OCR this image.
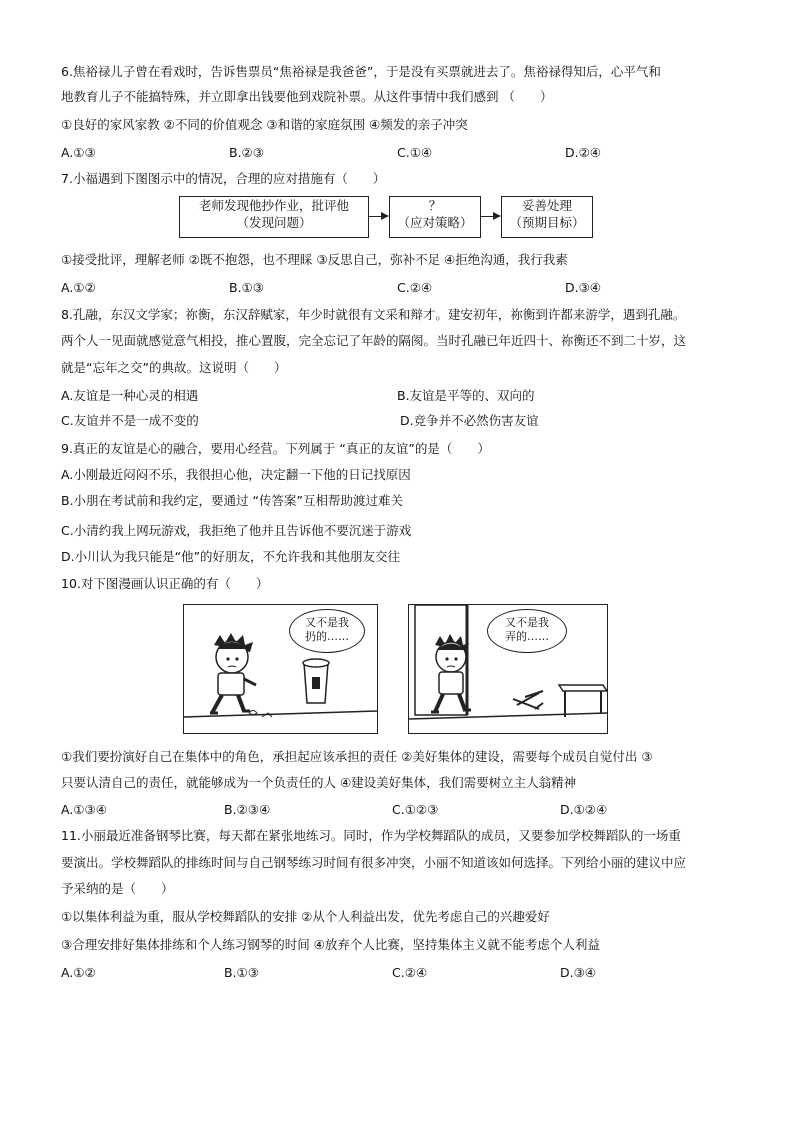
6.焦裕禄儿子曾在看戏时，告诉售票员“焦裕禄是我爸爸”，于是没有买票就进去了。焦裕禄得知后，心平气和
地教育儿子不能搞特殊，并立即拿出钱要他到戏院补票。从这件事情中我们感到 （　　）
①良好的家风家教 ②不同的价值观念 ③和谐的家庭氛围 ④频发的亲子冲突
A.①③	B.②③	C.①④	D.②④
7.小福遇到下图图示中的情况，合理的应对措施有（　　）
老师发现他抄作业，批评他
（发现问题）
？
（应对策略）
妥善处理
（预期目标）
①接受批评，理解老师 ②既不抱怨，也不理睬 ③反思自己，弥补不足 ④拒绝沟通，我行我素
A.①②	B.①③	C.②④	D.③④
8.孔融，东汉文学家；祢衡，东汉辞赋家，年少时就很有文采和辩才。建安初年，祢衡到许都来游学，遇到孔融。
两个人一见面就感觉意气相投，推心置腹，完全忘记了年龄的隔阂。当时孔融已年近四十、祢衡还不到二十岁，这
就是“忘年之交”的典故。这说明（　　）
A.友谊是一种心灵的相遇	B.友谊是平等的、双向的
C.友谊并不是一成不变的	D.竞争并不必然伤害友谊
9.真正的友谊是心的融合，要用心经营。下列属于 “真正的友谊”的是（　　）
A.小刚最近闷闷不乐，我很担心他，决定翻一下他的日记找原因
B.小朋在考试前和我约定，要通过 “传答案”互相帮助渡过难关
C.小清约我上网玩游戏，我拒绝了他并且告诉他不要沉迷于游戏
D.小川认为我只能是“他”的好朋友，不允许我和其他朋友交往
10.对下图漫画认识正确的有（　　）
又不是我
扔的……
又不是我
弄的……
①我们要扮演好自己在集体中的角色，承担起应该承担的责任 ②美好集体的建设，需要每个成员自觉付出 ③
只要认清自己的责任，就能够成为一个负责任的人 ④建设美好集体，我们需要树立主人翁精神
A.①③④	B.②③④	C.①②③	D.①②④
11.小丽最近准备钢琴比赛，每天都在紧张地练习。同时，作为学校舞蹈队的成员，又要参加学校舞蹈队的一场重
要演出。学校舞蹈队的排练时间与自己钢琴练习时间有很多冲突，小丽不知道该如何选择。下列给小丽的建议中应
予采纳的是（　　）
①以集体利益为重，服从学校舞蹈队的安排 ②从个人利益出发，优先考虑自己的兴趣爱好
③合理安排好集体排练和个人练习钢琴的时间 ④放弃个人比赛，坚持集体主义就不能考虑个人利益
A.①②	B.①③	C.②④	D.③④
